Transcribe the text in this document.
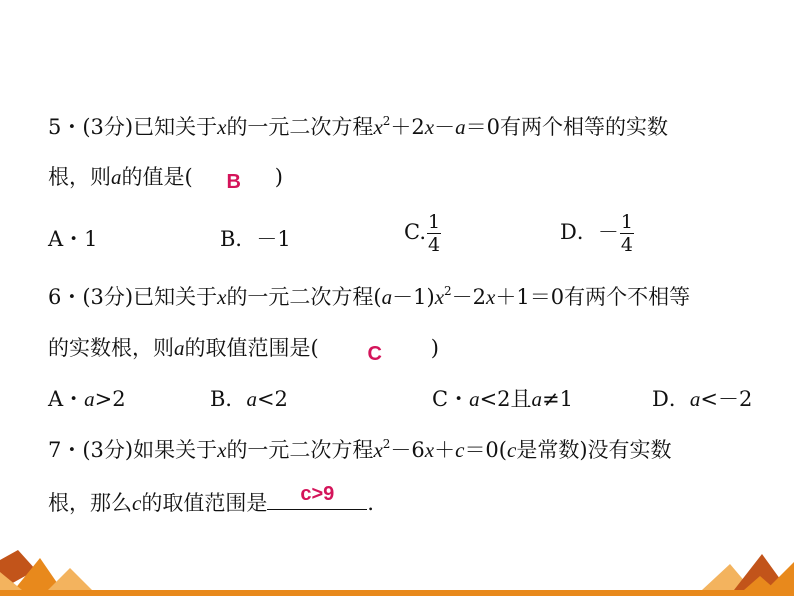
5・(3分)已知关于x的一元二次方程$x^2+2x-a=0$有两个相等的实数
根，则a的值是( B )
A・1	B．－1	C. $\frac{1}{4}$	D．－ $\frac{1}{4}$
6・(3分)已知关于x的一元二次方程$(a-1)x^2-2x+1=0$有两个不相等
的实数根，则a的取值范围是( C )
A・a>2	B．a<2	C・a<2且a≠1	D．a<－2
7・(3分)如果关于x的一元二次方程$x^2-6x+c=0(c$是常数)没有实数
根，那么c的取值范围是	c>9	．
